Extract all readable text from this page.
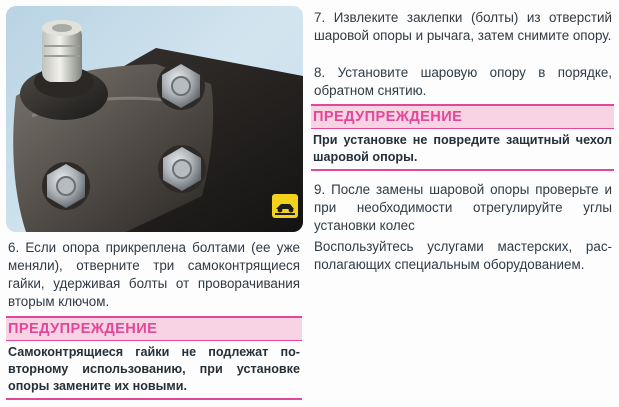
6. Если опора прикреплена болтами (ее уже меняли), отверните три самоконтрящиеся гайки, удерживая болты от проворачивания вторым ключом.

ПРЕДУПРЕЖДЕНИЕ
Самоконтрящиеся гайки не подлежат повторному использованию, при установке опоры замените их новыми.

7. Извлеките заклепки (болты) из отверстий шаровой опоры и рычага, затем снимите опору.

8. Установите шаровую опору в порядке, обратном снятию.

ПРЕДУПРЕЖДЕНИЕ
При установке не повредите защитный чехол шаровой опоры.

9. После замены шаровой опоры проверьте и при необходимости отрегулируйте углы установки колес

Воспользуйтесь услугами мастерских, располагающих специальным оборудованием.
